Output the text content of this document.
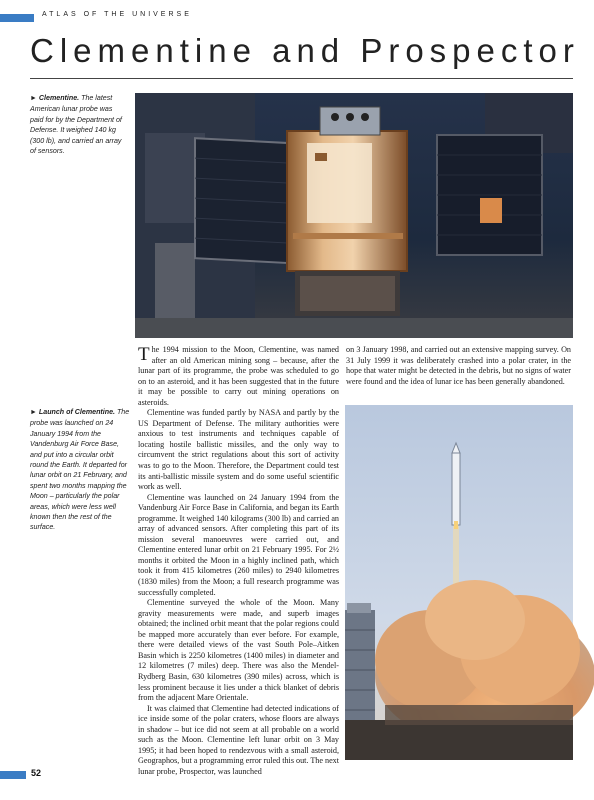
ATLAS OF THE UNIVERSE
Clementine and Prospector
► Clementine. The latest American lunar probe was paid for by the Department of Defense. It weighed 140 kg (300 lb), and carried an array of sensors.

The 1994 mission to the Moon, Clementine, was named after an old American mining song – because, after the lunar part of its programme, the probe was scheduled to go on to an asteroid, and it has been suggested that in the future it may be possible to carry out mining operations on asteroids.

Clementine was funded partly by NASA and partly by the US Department of Defense. The military authorities were anxious to test instruments and techniques capable of locating hostile ballistic missiles, and the only way to circumvent the strict regulations about this sort of activity was to go to the Moon. Therefore, the Department could test its anti-ballistic missile system and do some useful scientific work as well.

Clementine was launched on 24 January 1994 from the Vandenburg Air Force Base in California, and began its Earth programme. It weighed 140 kilograms (300 lb) and carried an array of advanced sensors. After completing this part of its mission several manoeuvres were carried out, and Clementine entered lunar orbit on 21 February 1995. For 2½ months it orbited the Moon in a highly inclined path, which took it from 415 kilometres (260 miles) to 2940 kilometres (1830 miles) from the Moon; a full research programme was successfully completed.

Clementine surveyed the whole of the Moon. Many gravity measurements were made, and superb images obtained; the inclined orbit meant that the polar regions could be mapped more accurately than ever before. For example, there were detailed views of the vast South Pole–Aitken Basin which is 2250 kilometres (1400 miles) in diameter and 12 kilometres (7 miles) deep. There was also the Mendel-Rydberg Basin, 630 kilometres (390 miles) across, which is less prominent because it lies under a thick blanket of debris from the adjacent Mare Orientale.

It was claimed that Clementine had detected indications of ice inside some of the polar craters, whose floors are always in shadow – but ice did not seem at all probable on a world such as the Moon. Clementine left lunar orbit on 3 May 1995; it had been hoped to rendezvous with a small asteroid, Geographos, but a programming error ruled this out. The next lunar probe, Prospector, was launched

on 3 January 1998, and carried out an extensive mapping survey. On 31 July 1999 it was deliberately crashed into a polar crater, in the hope that water might be detected in the debris, but no signs of water were found and the idea of lunar ice has been generally abandoned.

► Launch of Clementine. The probe was launched on 24 January 1994 from the Vandenburg Air Force Base, and put into a circular orbit round the Earth. It departed for lunar orbit on 21 February, and spent two months mapping the Moon – particularly the polar areas, which were less well known then the rest of the surface.
52
